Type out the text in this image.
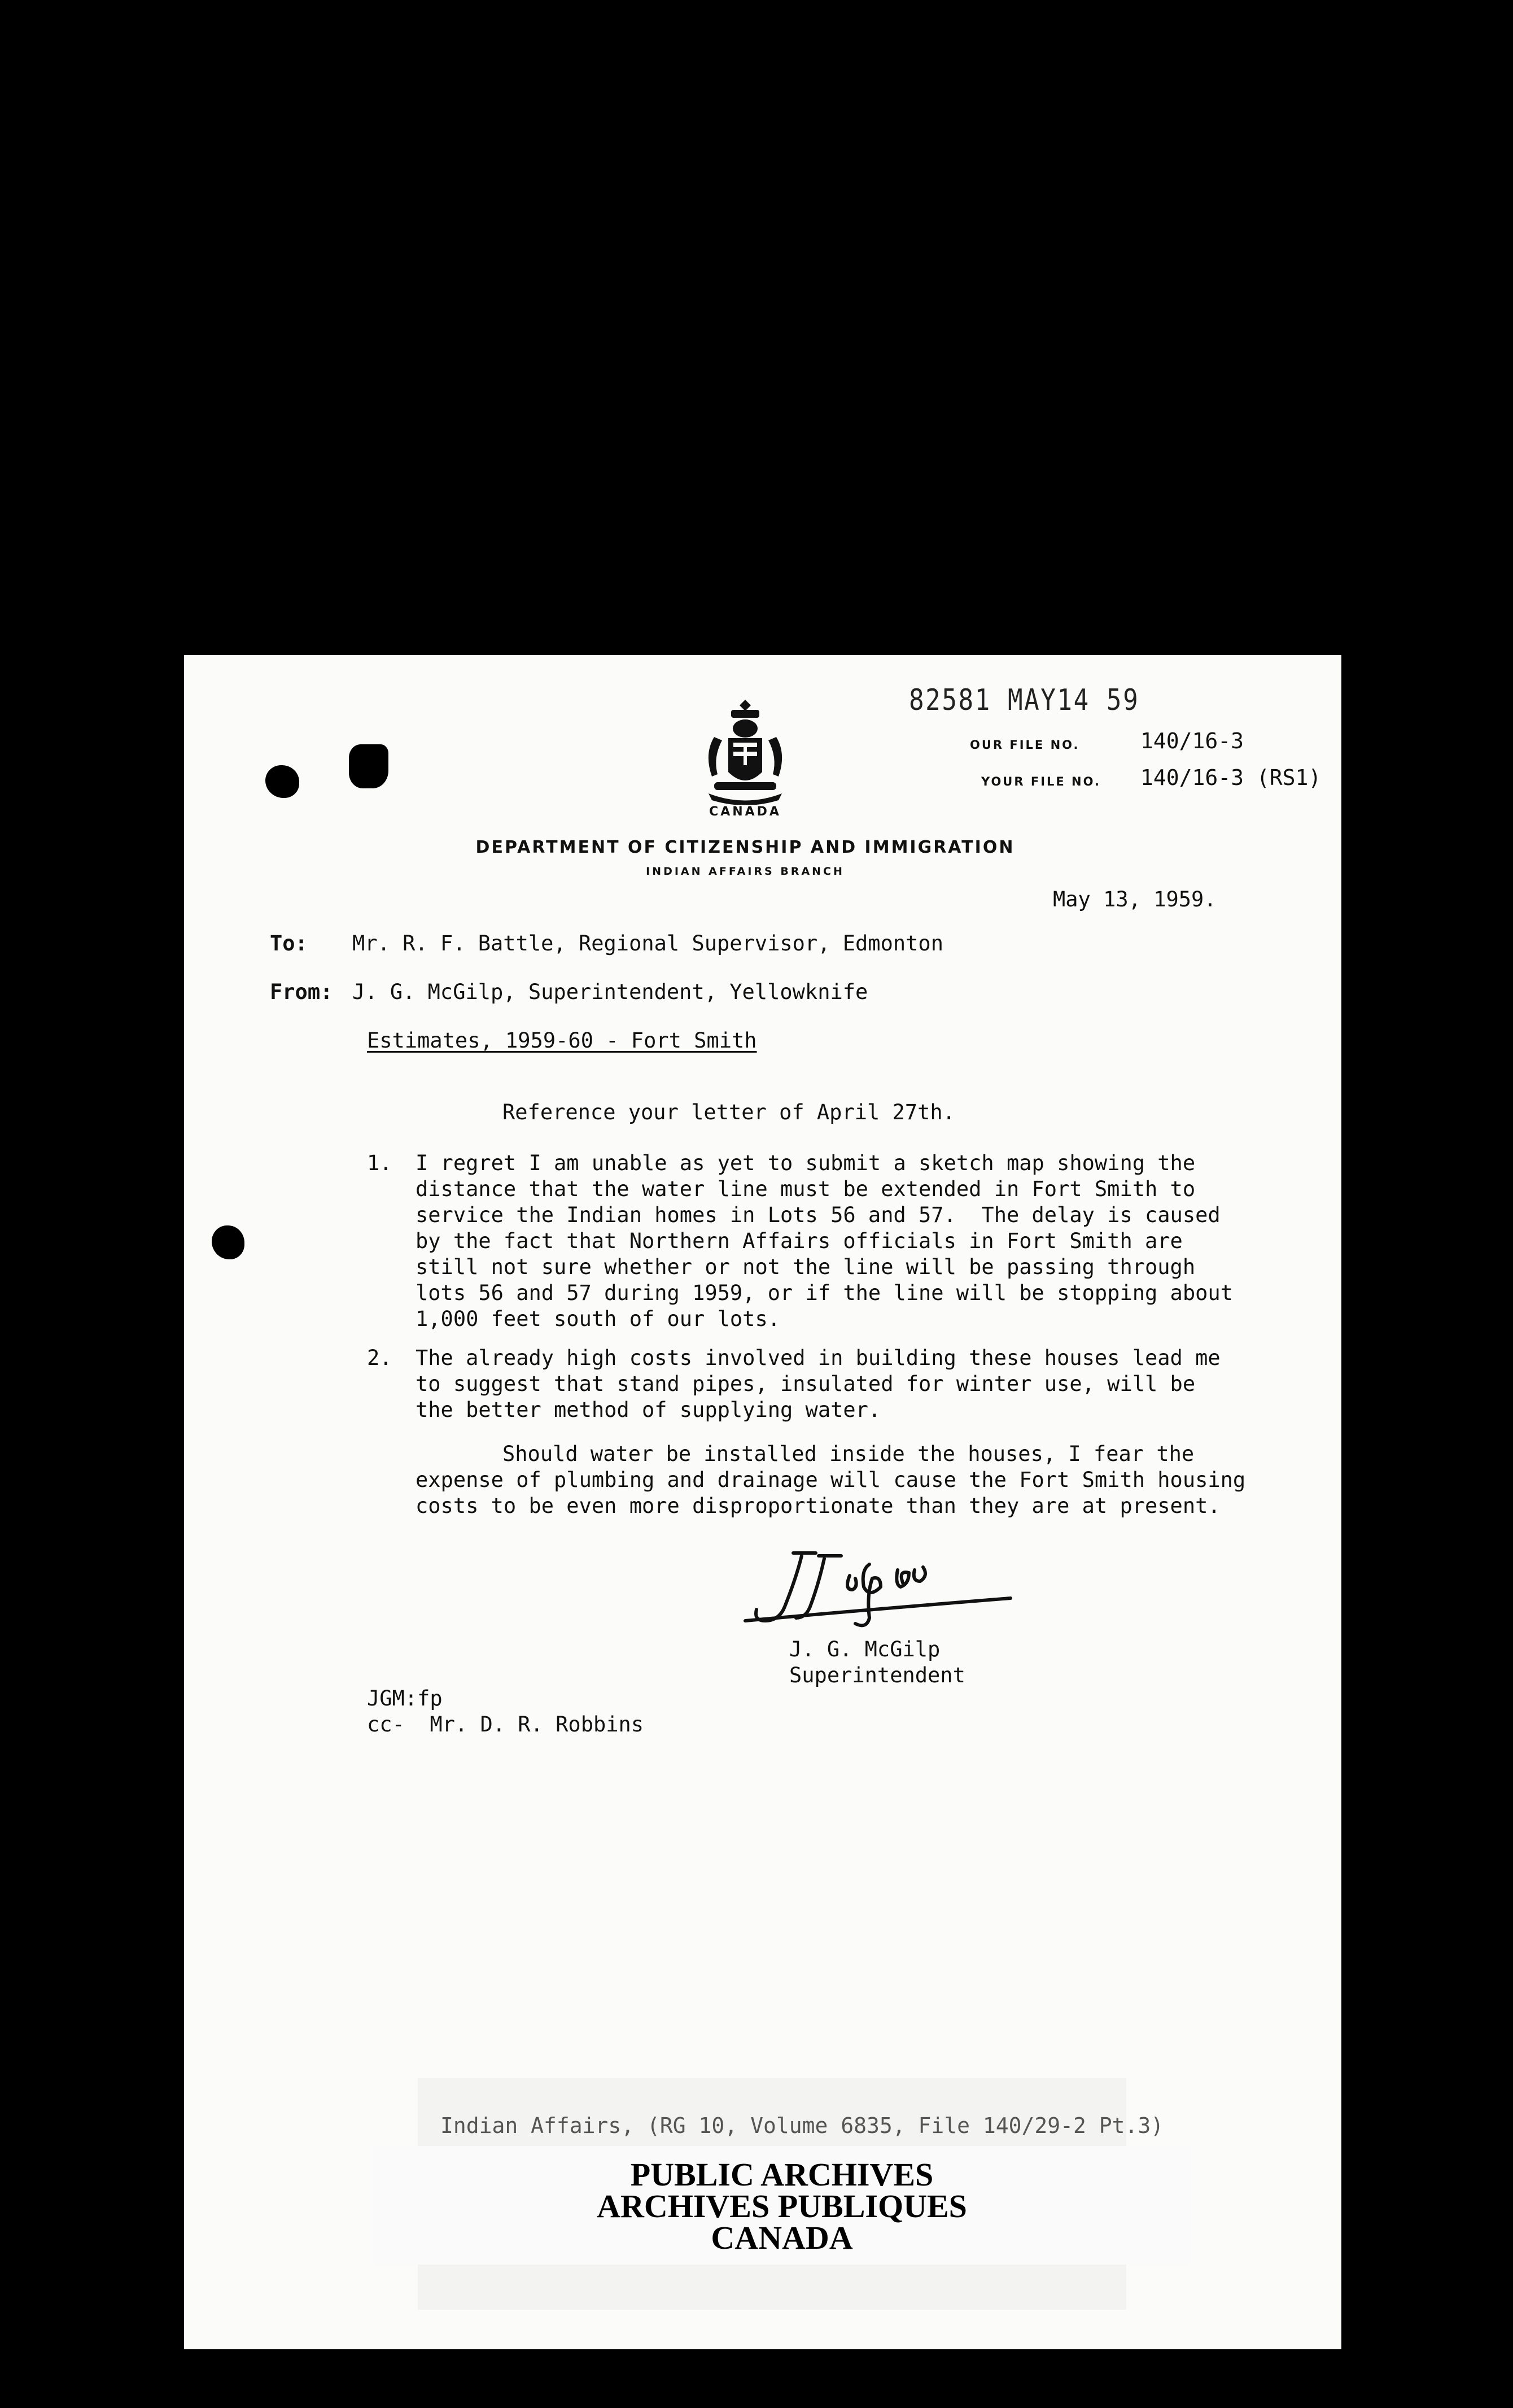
82581 MAY14 59
OUR FILE NO.	140/16-3
YOUR FILE NO. 140/16-3 (RS1)
CANADA
DEPARTMENT OF CITIZENSHIP AND IMMIGRATION
INDIAN AFFAIRS BRANCH
May 13, 1959.
To: Mr. R. F. Battle, Regional Supervisor, Edmonton
From: J. G. McGilp, Superintendent, Yellowknife
Estimates, 1959-60 - Fort Smith
Reference your letter of April 27th.
1. I regret I am unable as yet to submit a sketch map showing the
distance that the water line must be extended in Fort Smith to
service the Indian homes in Lots 56 and 57.  The delay is caused
by the fact that Northern Affairs officials in Fort Smith are
still not sure whether or not the line will be passing through
lots 56 and 57 during 1959, or if the line will be stopping about
1,000 feet south of our lots.
2. The already high costs involved in building these houses lead me
to suggest that stand pipes, insulated for winter use, will be
the better method of supplying water.
Should water be installed inside the houses, I fear the
expense of plumbing and drainage will cause the Fort Smith housing
costs to be even more disproportionate than they are at present.
J. G. McGilp
Superintendent
JGM:fp
cc-  Mr. D. R. Robbins
Indian Affairs, (RG 10, Volume 6835, File 140/29-2 Pt.3)
PUBLIC ARCHIVES
ARCHIVES PUBLIQUES
CANADA
